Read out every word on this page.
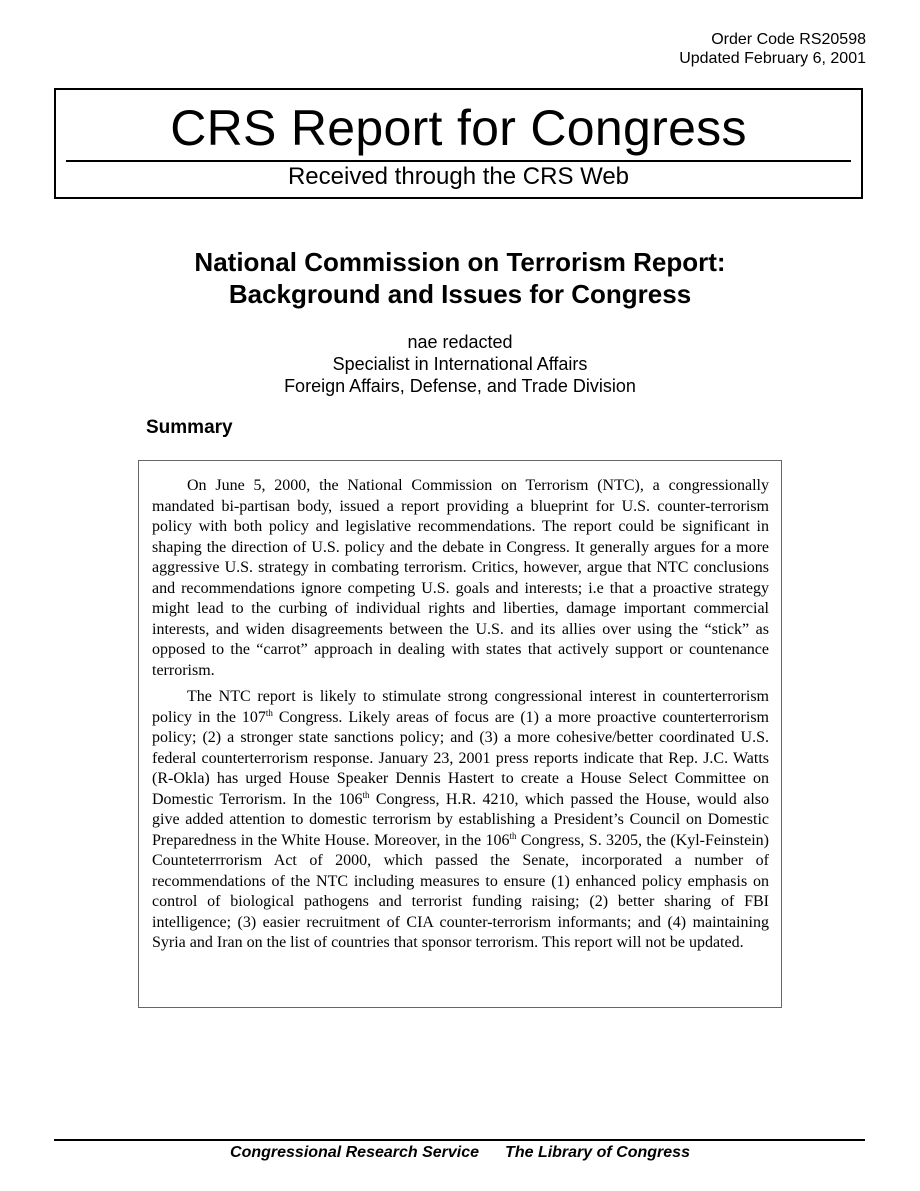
Order Code RS20598
Updated February 6, 2001
CRS Report for Congress
Received through the CRS Web
National Commission on Terrorism Report:
Background and Issues for Congress
nae redacted
Specialist in International Affairs
Foreign Affairs, Defense, and Trade Division
Summary

On June 5, 2000, the National Commission on Terrorism (NTC), a congressionally mandated bi-partisan body, issued a report providing a blueprint for U.S. counter-terrorism policy with both policy and legislative recommendations. The report could be significant in shaping the direction of U.S. policy and the debate in Congress. It generally argues for a more aggressive U.S. strategy in combating terrorism. Critics, however, argue that NTC conclusions and recommendations ignore competing U.S. goals and interests; i.e that a proactive strategy might lead to the curbing of individual rights and liberties, damage important commercial interests, and widen disagreements between the U.S. and its allies over using the “stick” as opposed to the “carrot” approach in dealing with states that actively support or countenance terrorism.

The NTC report is likely to stimulate strong congressional interest in counterterrorism policy in the 107th Congress. Likely areas of focus are (1) a more proactive counterterrorism policy; (2) a stronger state sanctions policy; and (3) a more cohesive/better coordinated U.S. federal counterterrorism response. January 23, 2001 press reports indicate that Rep. J.C. Watts (R-Okla) has urged House Speaker Dennis Hastert to create a House Select Committee on Domestic Terrorism. In the 106th Congress, H.R. 4210, which passed the House, would also give added attention to domestic terrorism by establishing a President’s Council on Domestic Preparedness in the White House. Moreover, in the 106th Congress, S. 3205, the (Kyl-Feinstein) Counteterrrorism Act of 2000, which passed the Senate, incorporated a number of recommendations of the NTC including measures to ensure (1) enhanced policy emphasis on control of biological pathogens and terrorist funding raising; (2) better sharing of FBI intelligence; (3) easier recruitment of CIA counter-terrorism informants; and (4) maintaining Syria and Iran on the list of countries that sponsor terrorism. This report will not be updated.

Congressional Research Service The Library of Congress
